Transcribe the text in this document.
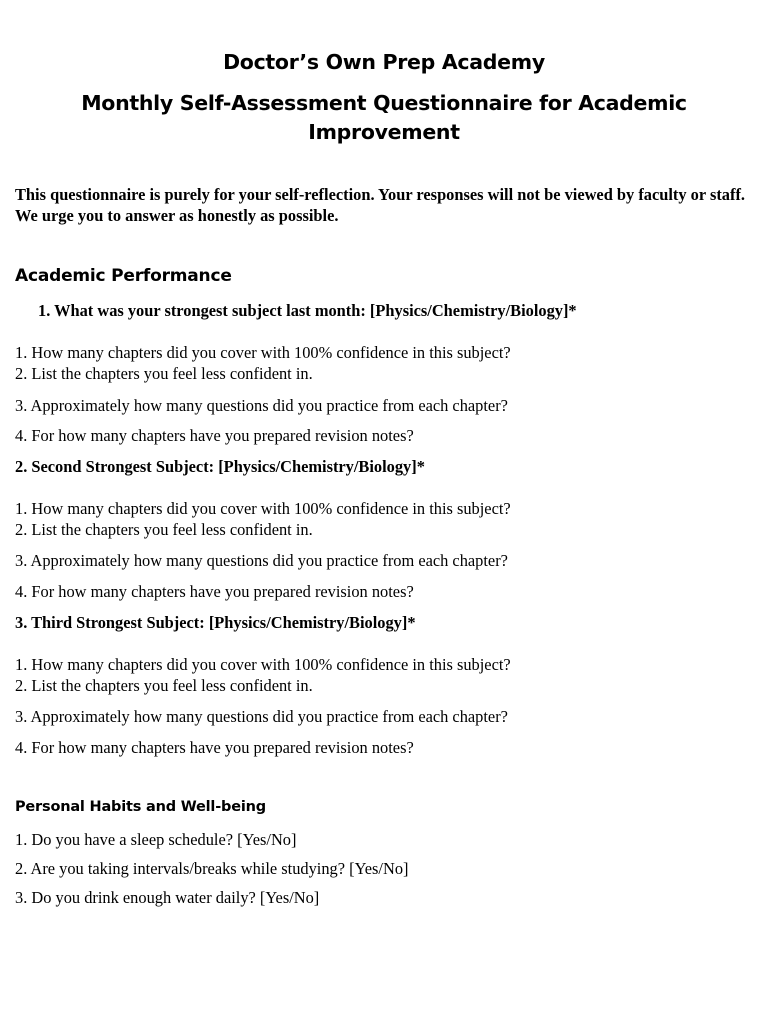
Doctor’s Own Prep Academy
Monthly Self-Assessment Questionnaire for Academic Improvement
This questionnaire is purely for your self-reflection. Your responses will not be viewed by faculty or staff. We urge you to answer as honestly as possible.
Academic Performance
1. What was your strongest subject last month: [Physics/Chemistry/Biology]*
1. How many chapters did you cover with 100% confidence in this subject?
2. List the chapters you feel less confident in.
3. Approximately how many questions did you practice from each chapter?
4. For how many chapters have you prepared revision notes?
2. Second Strongest Subject: [Physics/Chemistry/Biology]*
1. How many chapters did you cover with 100% confidence in this subject?
2. List the chapters you feel less confident in.
3. Approximately how many questions did you practice from each chapter?
4. For how many chapters have you prepared revision notes?
3. Third Strongest Subject: [Physics/Chemistry/Biology]*
1. How many chapters did you cover with 100% confidence in this subject?
2. List the chapters you feel less confident in.
3. Approximately how many questions did you practice from each chapter?
4. For how many chapters have you prepared revision notes?
Personal Habits and Well-being
1. Do you have a sleep schedule? [Yes/No]
2. Are you taking intervals/breaks while studying? [Yes/No]
3. Do you drink enough water daily? [Yes/No]
